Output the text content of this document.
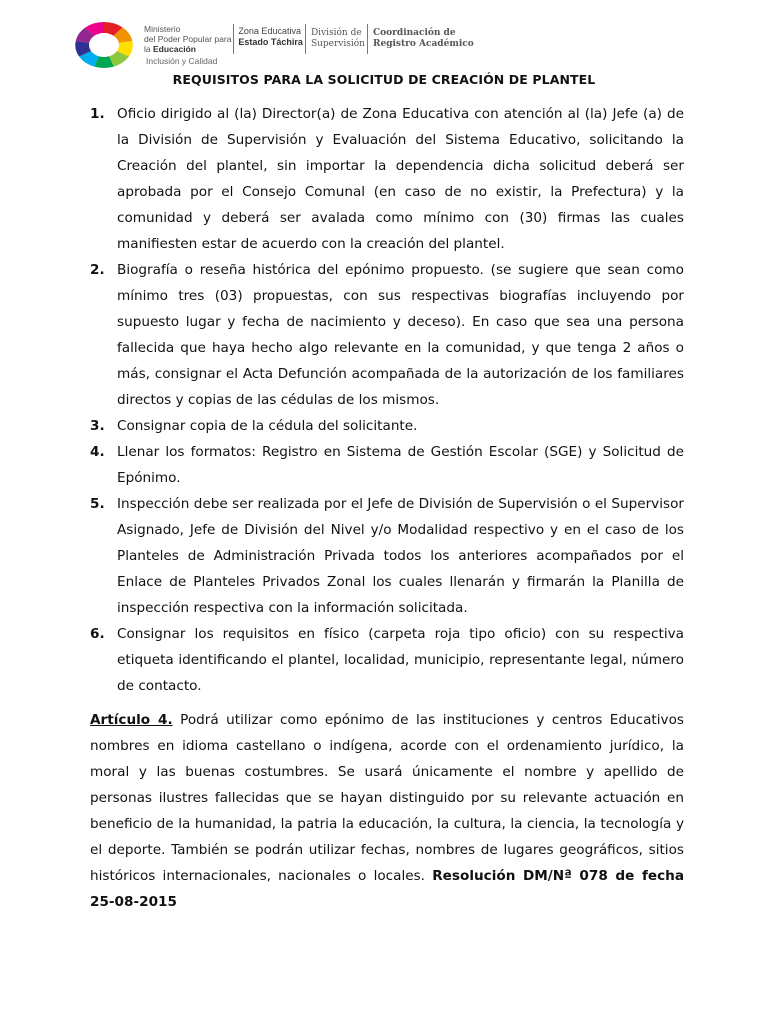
Ministerio
del Poder Popular para
la Educación
Inclusión y Calidad
Zona Educativa
Estado Táchira
División de
Supervisión
Coordinación de
Registro Académico
REQUISITOS PARA LA SOLICITUD DE CREACIÓN DE PLANTEL
1. Oficio dirigido al (la) Director(a) de Zona Educativa con atención al (la) Jefe (a) de la División de Supervisión y Evaluación del Sistema Educativo, solicitando la Creación del plantel, sin importar la dependencia dicha solicitud deberá ser aprobada por el Consejo Comunal (en caso de no existir, la Prefectura) y la comunidad y deberá ser avalada como mínimo con (30) firmas las cuales manifiesten estar de acuerdo con la creación del plantel.
2. Biografía o reseña histórica del epónimo propuesto. (se sugiere que sean como mínimo tres (03) propuestas, con sus respectivas biografías incluyendo por supuesto lugar y fecha de nacimiento y deceso). En caso que sea una persona fallecida que haya hecho algo relevante en la comunidad, y que tenga 2 años o más, consignar el Acta Defunción acompañada de la autorización de los familiares directos y copias de las cédulas de los mismos.
3. Consignar copia de la cédula del solicitante.
4. Llenar los formatos: Registro en Sistema de Gestión Escolar (SGE) y Solicitud de Epónimo.
5. Inspección debe ser realizada por el Jefe de División de Supervisión o el Supervisor Asignado, Jefe de División del Nivel y/o Modalidad respectivo y en el caso de los Planteles de Administración Privada todos los anteriores acompañados por el Enlace de Planteles Privados Zonal los cuales llenarán y firmarán la Planilla de inspección respectiva con la información solicitada.
6. Consignar los requisitos en físico (carpeta roja tipo oficio) con su respectiva etiqueta identificando el plantel, localidad, municipio, representante legal, número de contacto.

Artículo 4. Podrá utilizar como epónimo de las instituciones y centros Educativos nombres en idioma castellano o indígena, acorde con el ordenamiento jurídico, la moral y las buenas costumbres. Se usará únicamente el nombre y apellido de personas ilustres fallecidas que se hayan distinguido por su relevante actuación en beneficio de la humanidad, la patria la educación, la cultura, la ciencia, la tecnología y el deporte. También se podrán utilizar fechas, nombres de lugares geográficos, sitios históricos internacionales, nacionales o locales. Resolución DM/Nª 078 de fecha 25-08-2015
